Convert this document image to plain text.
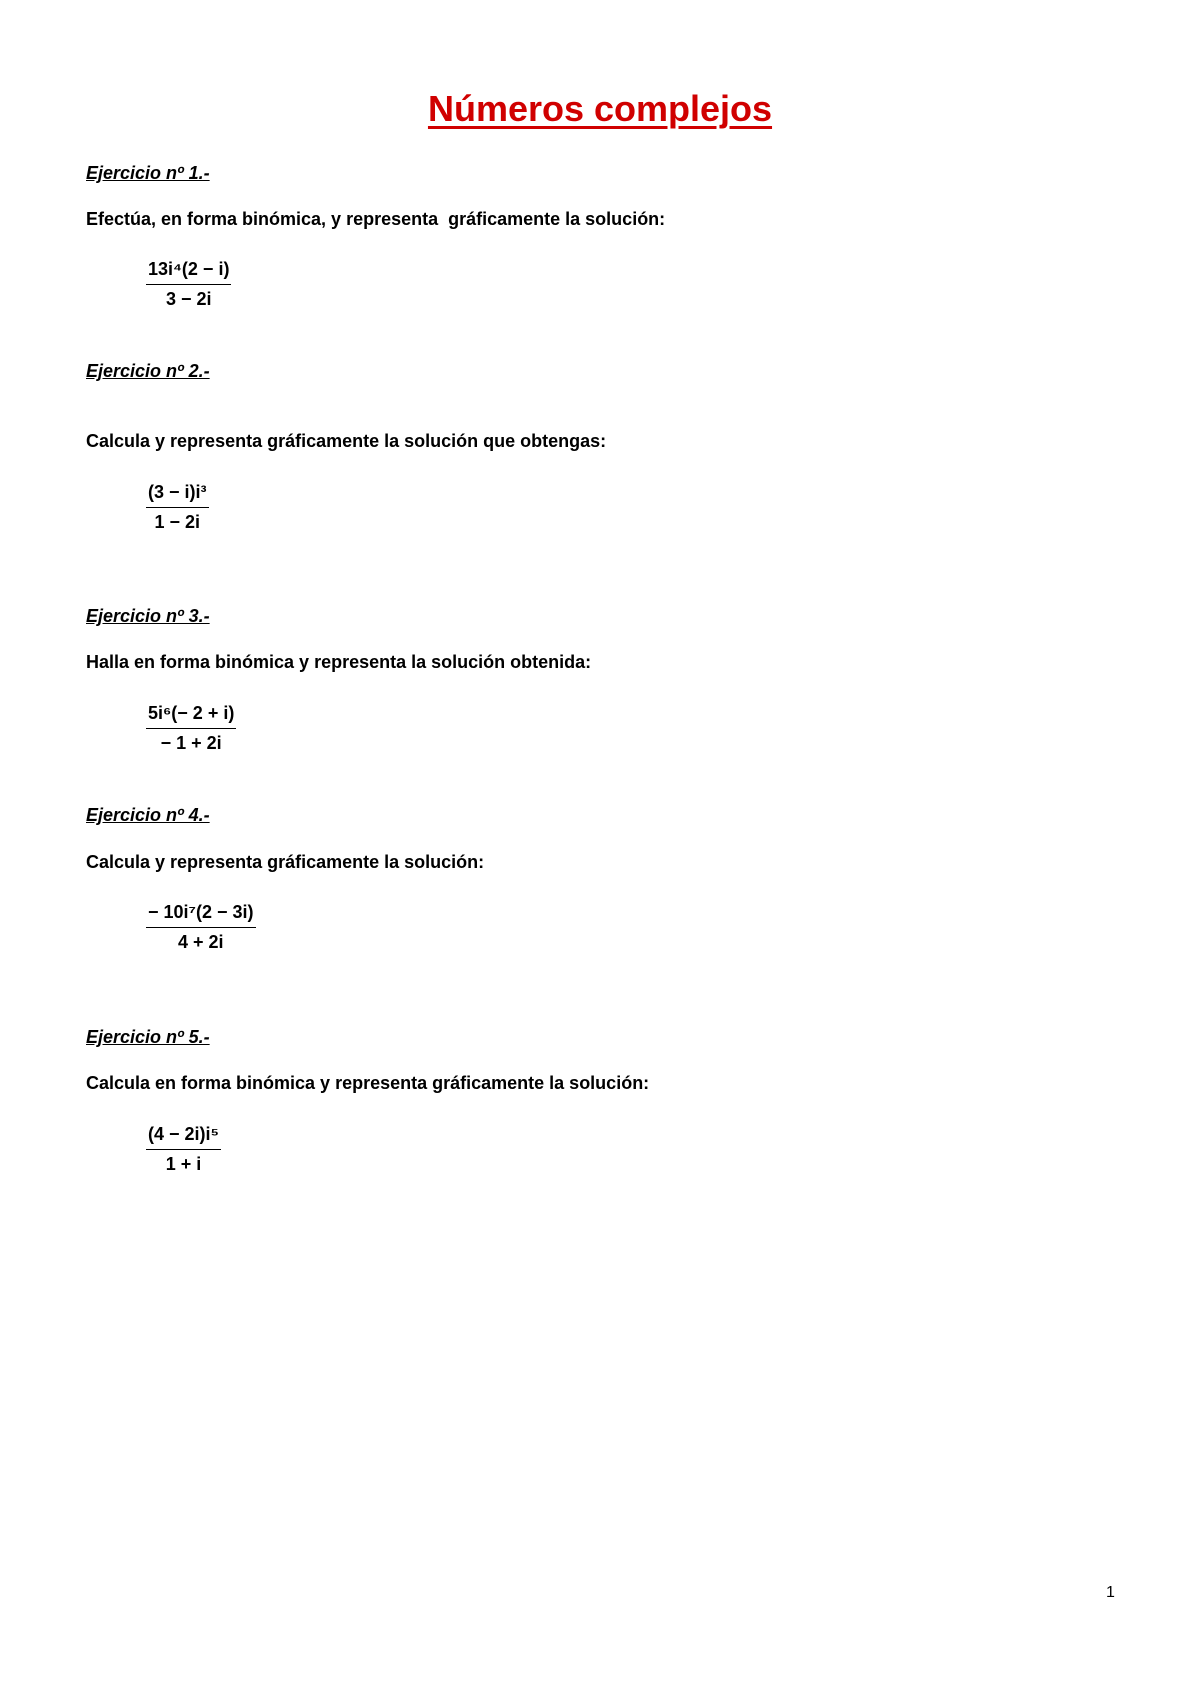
Números complejos
Ejercicio nº 1.-
Efectúa, en forma binómica, y representa  gráficamente la solución:
$\frac{\text{13i⁴(2 − i)}}{3 - 2i}$
Ejercicio nº 2.-
Calcula y representa gráficamente la solución que obtengas:
$\frac{\text{(3 − i)i³}}{1 - 2i}$
Ejercicio nº 3.-
Halla en forma binómica y representa la solución obtenida:
$\frac{\text{5i⁶(− 2 + i)}}{- 1 + 2i}$
Ejercicio nº 4.-
Calcula y representa gráficamente la solución:
$\frac{\text{− 10i⁷(2 − 3i)}}{4 + 2i}$
Ejercicio nº 5.-
Calcula en forma binómica y representa gráficamente la solución:
$\frac{\text{(4 − 2i)i⁵}}{1 + i}$
1
